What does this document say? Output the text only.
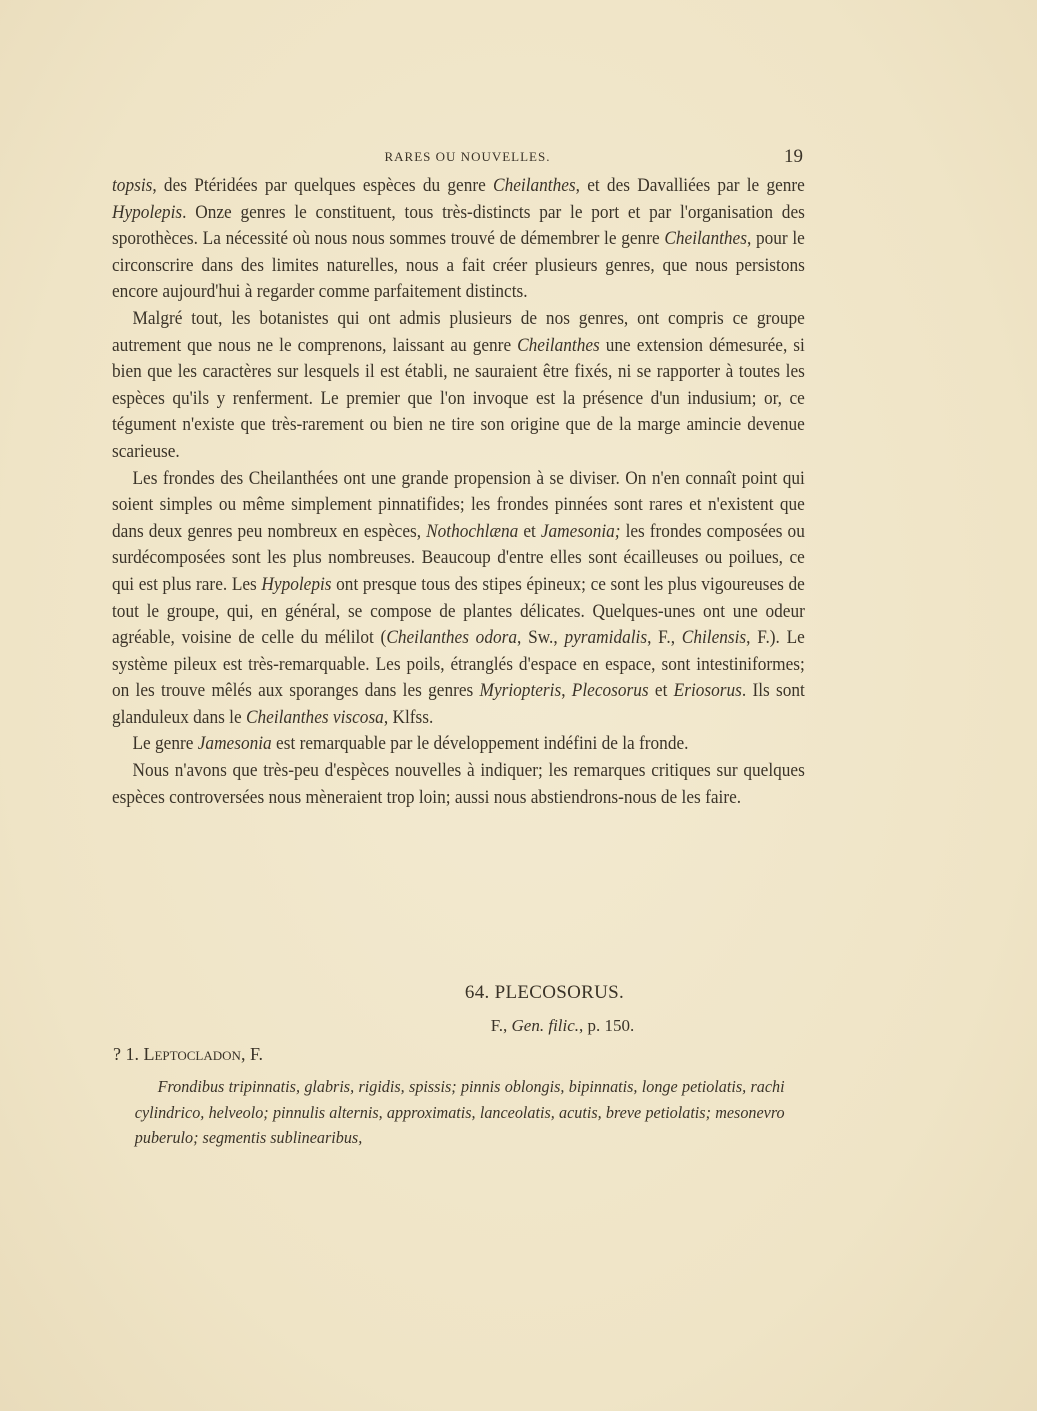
RARES OU NOUVELLES.	19

topsis, des Ptéridées par quelques espèces du genre Cheilanthes, et des Davalliées par le genre Hypolepis. Onze genres le constituent, tous très-distincts par le port et par l'organisation des sporothèces. La nécessité où nous nous sommes trouvé de démembrer le genre Cheilanthes, pour le circonscrire dans des limites naturelles, nous a fait créer plusieurs genres, que nous persistons encore aujourd'hui à regarder comme parfaitement distincts.

Malgré tout, les botanistes qui ont admis plusieurs de nos genres, ont compris ce groupe autrement que nous ne le comprenons, laissant au genre Cheilanthes une extension démesurée, si bien que les caractères sur lesquels il est établi, ne sauraient être fixés, ni se rapporter à toutes les espèces qu'ils y renferment. Le premier que l'on invoque est la présence d'un indusium; or, ce tégument n'existe que très-rarement ou bien ne tire son origine que de la marge amincie devenue scarieuse.

Les frondes des Cheilanthées ont une grande propension à se diviser. On n'en connaît point qui soient simples ou même simplement pinnatifides; les frondes pinnées sont rares et n'existent que dans deux genres peu nombreux en espèces, Nothochlæna et Jamesonia; les frondes composées ou surdécomposées sont les plus nombreuses. Beaucoup d'entre elles sont écailleuses ou poilues, ce qui est plus rare. Les Hypolepis ont presque tous des stipes épineux; ce sont les plus vigoureuses de tout le groupe, qui, en général, se compose de plantes délicates. Quelques-unes ont une odeur agréable, voisine de celle du mélilot (Cheilanthes odora, Sw., pyramidalis, F., Chilensis, F.). Le système pileux est très-remarquable. Les poils, étranglés d'espace en espace, sont intestiniformes; on les trouve mêlés aux sporanges dans les genres Myriopteris, Plecosorus et Eriosorus. Ils sont glanduleux dans le Cheilanthes viscosa, Klfss.

Le genre Jamesonia est remarquable par le développement indéfini de la fronde.

Nous n'avons que très-peu d'espèces nouvelles à indiquer; les remarques critiques sur quelques espèces controversées nous mèneraient trop loin; aussi nous abstiendrons-nous de les faire.

64. PLECOSORUS.
F., Gen. filic., p. 150.
? 1. Leptocladon, F.
Frondibus tripinnatis, glabris, rigidis, spissis; pinnis oblongis, bipinnatis, longe petiolatis, rachi cylindrico, helveolo; pinnulis alternis, approximatis, lanceolatis, acutis, breve petiolatis; mesonevro puberulo; segmentis sublinearibus,
